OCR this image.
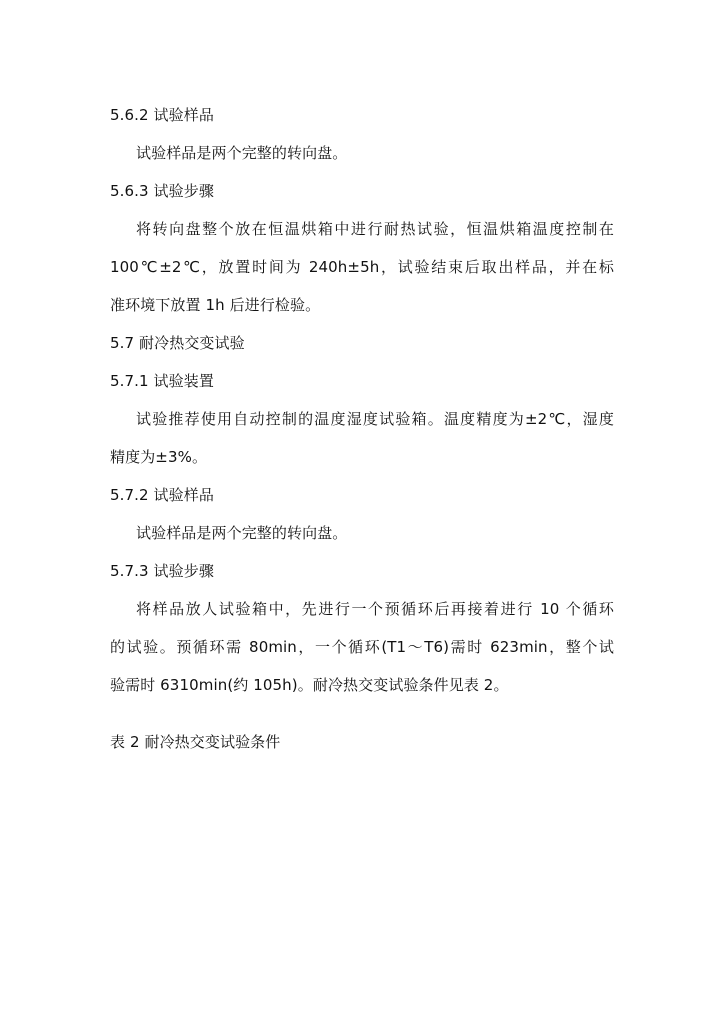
5.6.2 试验样品
试验样品是两个完整的转向盘。
5.6.3 试验步骤
将转向盘整个放在恒温烘箱中进行耐热试验，恒温烘箱温度控制在
100℃±2℃，放置时间为 240h±5h，试验结束后取出样品，并在标
准环境下放置 1h 后进行检验。
5.7 耐冷热交变试验
5.7.1 试验装置
试验推荐使用自动控制的温度湿度试验箱。温度精度为±2℃，湿度
精度为±3%。
5.7.2 试验样品
试验样品是两个完整的转向盘。
5.7.3 试验步骤
将样品放人试验箱中，先进行一个预循环后再接着进行 10 个循环
的试验。预循环需 80min，一个循环(T1～T6)需时 623min，整个试
验需时 6310min(约 105h)。耐冷热交变试验条件见表 2。
表 2 耐冷热交变试验条件
